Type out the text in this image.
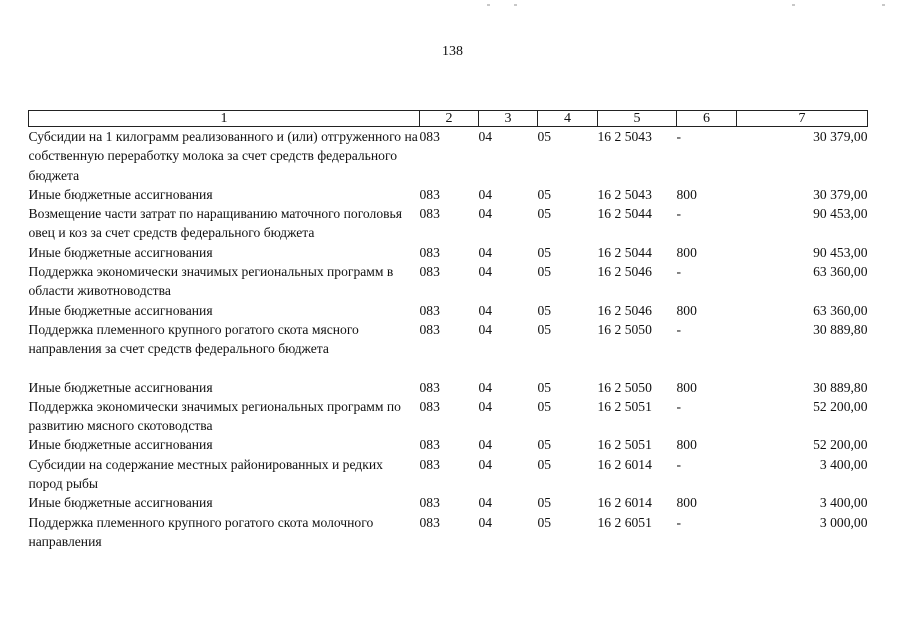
138
1	2	3	4	5	6	7
Субсидии на 1 килограмм реализованного и (или) отгруженного на собственную переработку молока за счет средств федерального бюджета	083	04	05	16 2 5043	-	30 379,00
Иные бюджетные ассигнования	083	04	05	16 2 5043	800	30 379,00
Возмещение части затрат по наращиванию маточного поголовья овец и коз за счет средств федерального бюджета	083	04	05	16 2 5044	-	90 453,00
Иные бюджетные ассигнования	083	04	05	16 2 5044	800	90 453,00
Поддержка экономически значимых региональных программ в области животноводства	083	04	05	16 2 5046	-	63 360,00
Иные бюджетные ассигнования	083	04	05	16 2 5046	800	63 360,00
Поддержка племенного крупного рогатого скота мясного направления за счет средств федерального бюджета	083	04	05	16 2 5050	-	30 889,80

Иные бюджетные ассигнования	083	04	05	16 2 5050	800	30 889,80
Поддержка экономически значимых региональных программ по развитию мясного скотоводства	083	04	05	16 2 5051	-	52 200,00
Иные бюджетные ассигнования	083	04	05	16 2 5051	800	52 200,00
Субсидии на содержание местных районированных и редких пород рыбы	083	04	05	16 2 6014	-	3 400,00
Иные бюджетные ассигнования	083	04	05	16 2 6014	800	3 400,00
Поддержка племенного крупного рогатого скота молочного направления	083	04	05	16 2 6051	-	3 000,00
